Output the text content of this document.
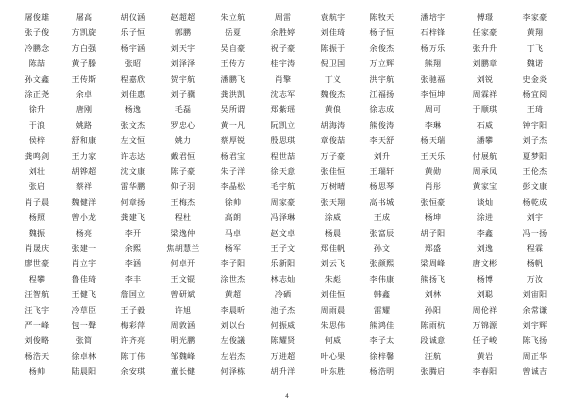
屠俊雄	屠高	胡仪涵	赵超超	朱立航	周雷	袁航宇	陈牧天	潘培宇	傅璟	李家豪
张子俊	方凯旋	乐子恒	郭鹏	岳夏	余胜婷	刘佳琦	杨子恒	石梓锋	任家豪	黄翔
冷鹏念	方白强	杨宇涵	刘天宇	吴自豪	祝子豪	陈振于	余俊杰	杨万乐	张升升	丁飞
陈喆	黄子滕	张昭	刘泽泽	王传方	桂宇涛	倪卫国	万立辉	熊翔	刘鹏章	魏诺
孙文鑫	王传斯	程嘉欣	贺宇航	潘鹏飞	肖擎	丁义	洪宇航	张驰福	刘锐	史金炎
涂正尧	余卓	刘佳惠	刘子骥	龚洪凯	沈志军	魏俊杰	江福扬	李恒坤	周霖祥	杨宜阅
徐升	唐刚	杨逸	毛磊	吴所谓	郑紫瑶	黄俍	徐志成	周可	于顺琪	王琦
于浪	姚路	张文杰	罗忠心	黄一凡	阮凯立	胡海涛	熊俊涛	李琳	石威	钟宇阳
侯梓	舒和康	左文恒	姚力	蔡厚锐	殷思琪	章俊喆	李天舒	杨天瑞	潘攀	刘子杰
龚鸣剑	王力家	许志达	戴君恒	杨君宝	程世喆	万子豪	刘升	王天乐	付展航	夏梦阳
刘壮	胡铧超	沈文康	陈子豪	朱子洋	徐天意	张佳恒	王瑞轩	黄勋	周承凤	王伦杰
张启	蔡祥	雷华鹏	仰子羽	李晶松	毛宇航	万树晴	杨思琴	肖彤	黄家宝	彭文康
肖子晨	魏健洋	何章扬	王梅杰	徐帅	周家豪	张天翔	高书城	张恒豪	谈灿	杨乾成
杨照	曾小龙	龚建飞	程杜	高朗	冯泽琳	涂威	王成	杨坤	涂进	刘宇
魏振	杨亮	李开	梁逸仲	马卓	赵文卓	杨晨	张富辰	胡子阳	李鑫	冯一扬
肖晟庆	张建一	余熙	焦胡慧兰	杨军	王子文	郑佳帆	孙文	郑盛	刘逸	程霖
廖世豪	肖立宇	李涵	何卓开	李子阳	乐新阳	刘云飞	张颜熙	梁周峰	唐文彬	杨帆
程攀	鲁佳琦	李丰	王文锟	涂世杰	林志灿	朱彪	李伟康	熊扬飞	杨博	万汝
汪智航	王健飞	詹国立	曾研斌	黄超	冷硒	刘佳恒	韩鑫	刘林	刘聪	刘宙阳
汪飞宇	冷草臣	王子毅	许旭	李晨昕	池子杰	周雨晨	雷耀	孙阳	周伦祥	余常谦
严一峰	包一聲	梅彩萍	周敦涵	刘以台	何振威	朱思伟	熊鸿佳	陈雨杭	万锦源	刘宇辉
刘俊略	张简	许齐亮	明光鹏	左俊議	陈耀贤	何威	李子太	段诚意	任子峻	陈飞扬
杨浩天	徐卓林	陈丁伟	邹魏峰	左岩杰	万进超	叶心果	徐梓馨	汪航	黄岩	周正华
杨帅	陆晨阳	余安琪	董长健	何泽栋	胡升洋	叶东胜	杨浩明	张腾启	李春阳	曾诚吉
4
